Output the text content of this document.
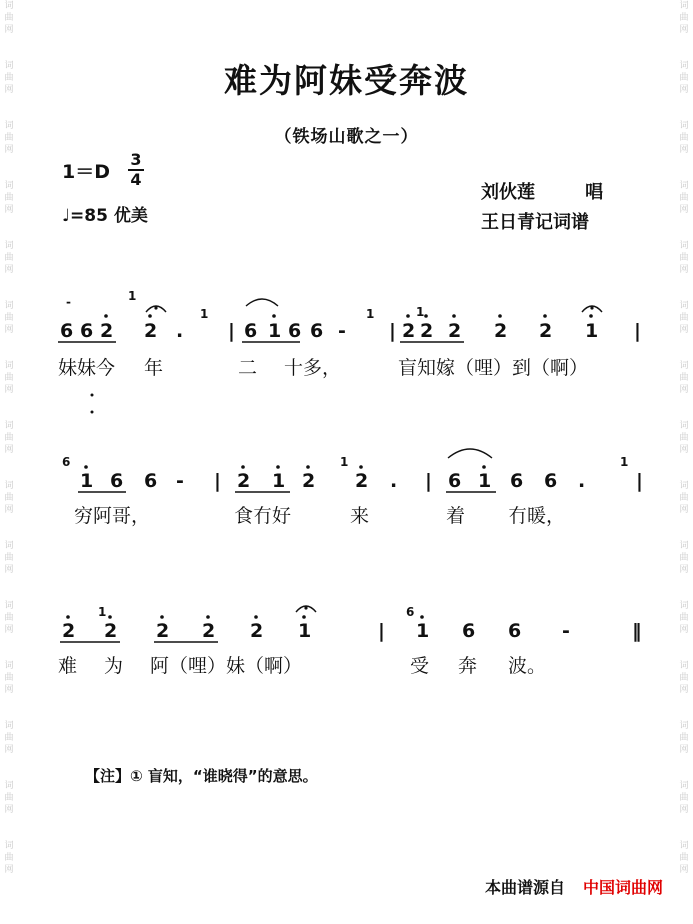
词
曲
网
词
曲
网
词
曲
网
词
曲
网
词
曲
网
词
曲
网
词
曲
网
词
曲
网
词
曲
网
词
曲
网
词
曲
网
词
曲
网
词
曲
网
词
曲
网
词
曲
网
词
曲
网
词
曲
网
词
曲
网
词
曲
网
词
曲
网
词
曲
网
词
曲
网
词
曲
网
词
曲
网
词
曲
网
词
曲
网
词
曲
网
词
曲
网
词
曲
网
词
曲
网
难为阿妹受奔波
（铁场山歌之一）
1＝D
3
4
♩=85 优美
刘伙莲        唱
王日青记词谱
6 6 2 2 . | 6 1 6 6 - | 2 2 2 2 2 1 |
1
1	1	1
-
妹妹今 年	二 十多，	盲知嫁（哩）到（啊）
1 6 6 - | 2 1 2 2 . | 6 1 6 6 .	|
6	1	1
穷阿哥，	食冇好	来	着 冇暖，
2 2 2 2 2 1	| 1 6 6 -	‖
1	6
难 为 阿（哩）妹（啊）	受 奔 波。
【注】① 盲知，“谁晓得”的意思。
本曲谱源自 中国词曲网
